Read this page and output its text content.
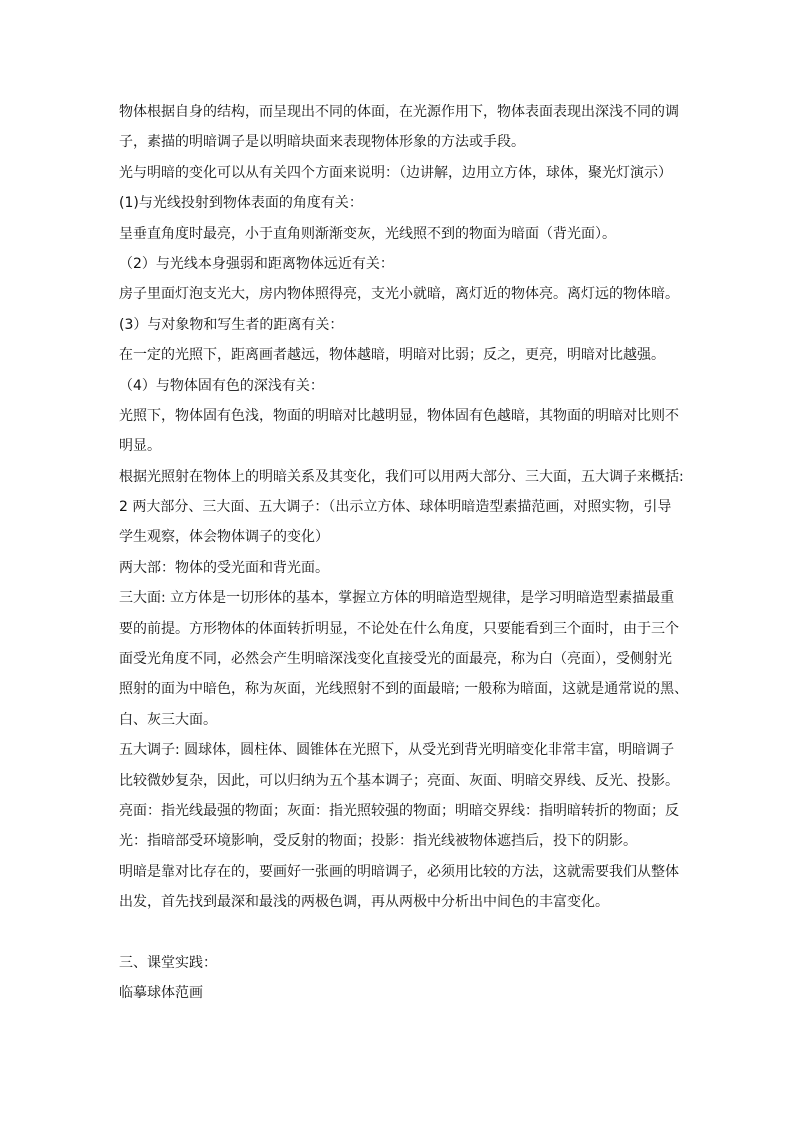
物体根据自身的结构，而呈现出不同的体面，在光源作用下，物体表面表现出深浅不同的调
子，素描的明暗调子是以明暗块面来表现物体形象的方法或手段。
光与明暗的变化可以从有关四个方面来说明：（边讲解，边用立方体，球体，聚光灯演示）
(1)与光线投射到物体表面的角度有关：
呈垂直角度时最亮，小于直角则渐渐变灰，光线照不到的物面为暗面（背光面）。
（2）与光线本身强弱和距离物体远近有关：
房子里面灯泡支光大，房内物体照得亮，支光小就暗，离灯近的物体亮。离灯远的物体暗。
(3）与对象物和写生者的距离有关：
在一定的光照下，距离画者越远，物体越暗，明暗对比弱；反之，更亮，明暗对比越强。
（4）与物体固有色的深浅有关：
光照下，物体固有色浅，物面的明暗对比越明显，物体固有色越暗，其物面的明暗对比则不
明显。
根据光照射在物体上的明暗关系及其变化，我们可以用两大部分、三大面，五大调子来概括:
2 两大部分、三大面、五大调子：（出示立方体、球体明暗造型素描范画，对照实物，引导
学生观察，体会物体调子的变化）
两大部：物体的受光面和背光面。
三大面: 立方体是一切形体的基本，掌握立方体的明暗造型规律，是学习明暗造型素描最重
要的前提。方形物体的体面转折明显，不论处在什么角度，只要能看到三个面时，由于三个
面受光角度不同，必然会产生明暗深浅变化直接受光的面最亮，称为白（亮面），受侧射光
照射的面为中暗色，称为灰面，光线照射不到的面最暗; 一般称为暗面，这就是通常说的黑、
白、灰三大面。
五大调子: 圆球体，圆柱体、圆锥体在光照下，从受光到背光明暗变化非常丰富，明暗调子
比较微妙复杂，因此，可以归纳为五个基本调子；亮面、灰面、明暗交界线、反光、投影。
亮面：指光线最强的物面；灰面：指光照较强的物面；明暗交界线：指明暗转折的物面；反
光：指暗部受环境影响，受反射的物面；投影：指光线被物体遮挡后，投下的阴影。
明暗是靠对比存在的，要画好一张画的明暗调子，必须用比较的方法，这就需要我们从整体
出发，首先找到最深和最浅的两极色调，再从两极中分析出中间色的丰富变化。
三、课堂实践：
临摹球体范画
